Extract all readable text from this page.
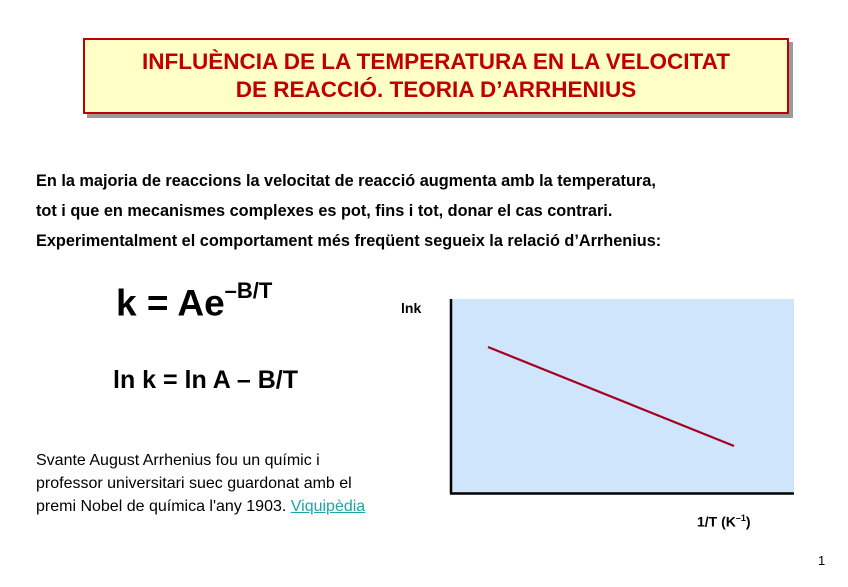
INFLUÈNCIA DE LA TEMPERATURA EN LA VELOCITAT
DE REACCIÓ. TEORIA D’ARRHENIUS
En la majoria de reaccions la velocitat de reacció augmenta amb la temperatura,
tot i que en mecanismes complexes es pot, fins i tot, donar el cas contrari.
Experimentalment el comportament més freqüent segueix la relació d’Arrhenius:
$k = Ae^{-B/T}$
ln k = ln A – B/T
lnk
1/T $(K^{-1})$
Svante August Arrhenius fou un químic i
professor universitari suec guardonat amb el
premi Nobel de química l'any 1903. Viquipèdia
1
